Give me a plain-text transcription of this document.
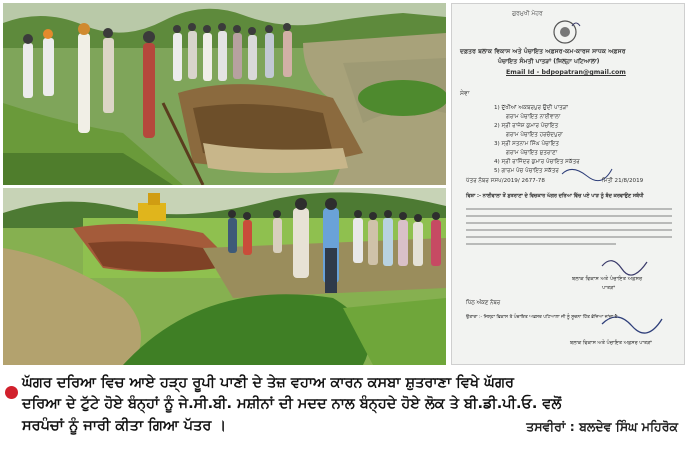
ਗੁਰਮੁਖੀ ਮੋਹਰ
ਦਫ਼ਤਰ ਬਲਾਕ ਵਿਕਾਸ ਅਤੇ ਪੰਚਾਇਤ ਅਫ਼ਸਰ-ਕਮ-ਕਾਰਜ ਸਾਧਕ ਅਫ਼ਸਰ
ਪੰਚਾਇਤ ਸੰਮਤੀ ਪਾਤੜਾਂ (ਜਿਲ੍ਹਾ ਪਟਿਆਲਾ)
Email Id - bdpopatran@gmail.com
ਸੇਵਾ
1) ਦੁੱਖੀਆਂ ਅਕਬਰਪੁਰ ਉਦੀ ਪਾਤੜਾਂ
ਗਰਾਮ ਪੰਚਾਇਤ ਨਾਈਵਾਲਾ
2) ਸ੍ਰੀ ਰਾਜੇਸ਼ ਕੁਮਾਰ ਪੰਚਾਇਤ
ਗਰਾਮ ਪੰਚਾਇਤ ਹਰਚੰਦਪੁਰਾ
3) ਸ੍ਰੀ ਸਤਨਾਮ ਸਿੰਘ ਪੰਚਾਇਤ
ਗਰਾਮ ਪੰਚਾਇਤ ਸ਼ੁਤਰਾਣਾ
4) ਸ੍ਰੀ ਰਾਜਿੰਦਰ ਕੁਮਾਰ ਪੰਚਾਇਤ ਸਕੱਤਰ
5) ਗਾਰਮ ਪੰਚ ਪੰਚਾਇਤ ਸਕੱਤਰ
ਪੱਤਰ ਨੰਬਰ ਸਸਪ/2019/ 2677-78	ਮਿਤੀ 21/8/2019
ਵਿਸ਼ਾ :- ਨਾਈਵਾਲਾ ਤੋਂ ਸ਼ੁਤਰਾਣਾ ਦੇ ਵਿਚਕਾਰ ਘੱਗਰ ਦਰਿਆ ਵਿੱਚ ਪਏ ਪਾੜ ਨੂੰ ਬੰਦ ਕਰਵਾਉਣ ਸਬੰਧੀ
ਬਲਾਕ ਵਿਕਾਸ ਅਤੇ ਪੰਚਾਇਤ ਅਫ਼ਸਰ
ਪਾਤੜਾਂ
ਪਿੱਠ ਅੰਕਣ ਨੰਬਰ
ਉਤਾਰਾ :- ਜਿਲ੍ਹਾ ਵਿਕਾਸ ਤੇ ਪੰਚਾਇਤ ਅਫ਼ਸਰ ਪਟਿਆਲਾ ਜੀ ਨੂੰ ਸੂਚਨਾ ਹਿੱਤ ਭੇਜਿਆ ਜਾਂਦਾ ਹੈ
ਬਲਾਕ ਵਿਕਾਸ ਅਤੇ ਪੰਚਾਇਤ ਅਫ਼ਸਰ ਪਾਤੜਾਂ
ਘੱਗਰ ਦਰਿਆ ਵਿਚ ਆਏ ਹੜ੍ਹ ਰੂਪੀ ਪਾਣੀ ਦੇ ਤੇਜ਼ ਵਹਾਅ ਕਾਰਨ ਕਸਬਾ ਸ਼ੁਤਰਾਣਾ ਵਿਖੇ ਘੱਗਰ
ਦਰਿਆ ਦੇ ਟੁੱਟੇ ਹੋਏ ਬੰਨ੍ਹਾਂ ਨੂੰ ਜੇ.ਸੀ.ਬੀ. ਮਸ਼ੀਨਾਂ ਦੀ ਮਦਦ ਨਾਲ ਬੰਨ੍ਹਦੇ ਹੋਏ ਲੋਕ ਤੇ ਬੀ.ਡੀ.ਪੀ.ਓ. ਵਲੋਂ
ਸਰਪੰਚਾਂ ਨੂੰ ਜਾਰੀ ਕੀਤਾ ਗਿਆ ਪੱਤਰ ।	ਤਸਵੀਰਾਂ : ਬਲਦੇਵ ਸਿੰਘ ਮਹਿਰੋਕ
